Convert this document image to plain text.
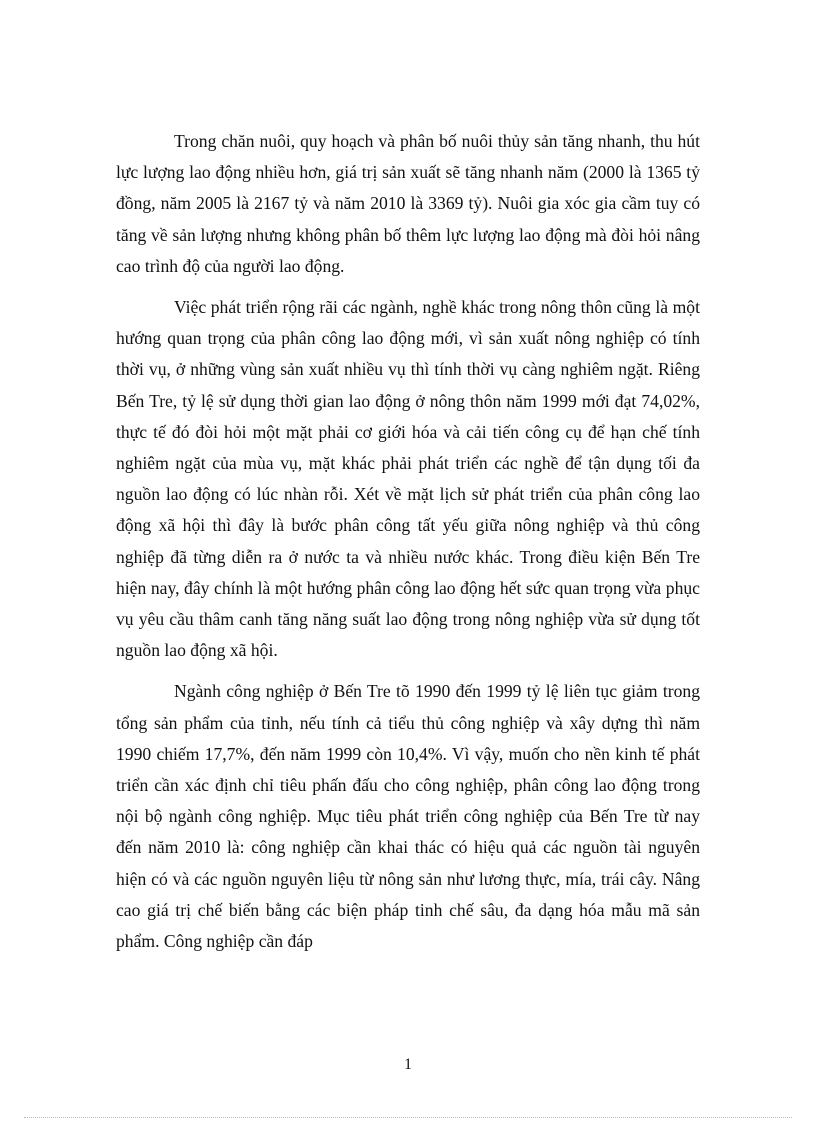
Trong chăn nuôi, quy hoạch và phân bố nuôi thủy sản tăng nhanh, thu hút lực lượng lao động nhiều hơn, giá trị sản xuất sẽ tăng nhanh năm (2000 là 1365 tỷ đồng, năm 2005 là 2167 tỷ và năm 2010 là 3369 tỷ). Nuôi gia xóc gia cầm tuy có tăng về sản lượng nhưng không phân bố thêm lực lượng lao động mà đòi hỏi nâng cao trình độ của người lao động.

Việc phát triển rộng rãi các ngành, nghề khác trong nông thôn cũng là một hướng quan trọng của phân công lao động mới, vì sản xuất nông nghiệp có tính thời vụ, ở những vùng sản xuất nhiều vụ thì tính thời vụ càng nghiêm ngặt. Riêng Bến Tre, tỷ lệ sử dụng thời gian lao động ở nông thôn năm 1999 mới đạt 74,02%, thực tế đó đòi hỏi một mặt phải cơ giới hóa và cải tiến công cụ để hạn chế tính nghiêm ngặt của mùa vụ, mặt khác phải phát triển các nghề để tận dụng tối đa nguồn lao động có lúc nhàn rỗi. Xét về mặt lịch sử phát triển của phân công lao động xã hội thì đây là bước phân công tất yếu giữa nông nghiệp và thủ công nghiệp đã từng diễn ra ở nước ta và nhiều nước khác. Trong điều kiện Bến Tre hiện nay, đây chính là một hướng phân công lao động hết sức quan trọng vừa phục vụ yêu cầu thâm canh tăng năng suất lao động trong nông nghiệp vừa sử dụng tốt nguồn lao động xã hội.

Ngành công nghiệp ở Bến Tre tõ 1990 đến 1999 tỷ lệ liên tục giảm trong tổng sản phẩm của tỉnh, nếu tính cả tiểu thủ công nghiệp và xây dựng thì năm 1990 chiếm 17,7%, đến năm 1999 còn 10,4%. Vì vậy, muốn cho nền kinh tế phát triển cần xác định chỉ tiêu phấn đấu cho công nghiệp, phân công lao động trong nội bộ ngành công nghiệp. Mục tiêu phát triển công nghiệp của Bến Tre từ nay đến năm 2010 là: công nghiệp cần khai thác có hiệu quả các nguồn tài nguyên hiện có và các nguồn nguyên liệu từ nông sản như lương thực, mía, trái cây. Nâng cao giá trị chế biến bằng các biện pháp tinh chế sâu, đa dạng hóa mẫu mã sản phẩm. Công nghiệp cần đáp

1
